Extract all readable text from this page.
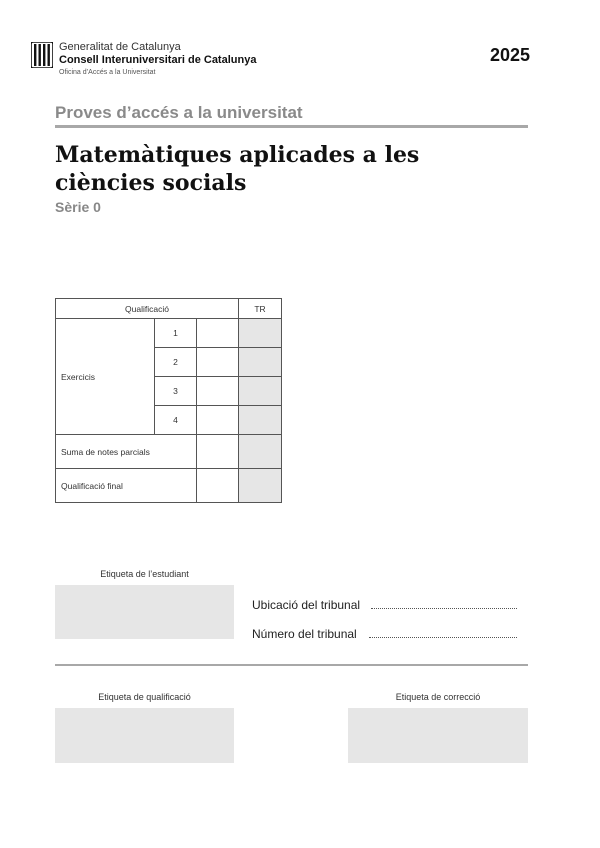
Generalitat de Catalunya
Consell Interuniversitari de Catalunya
Oficina d’Accés a la Universitat
2025
Proves d’accés a la universitat
Matemàtiques aplicades a les ciències socials
Sèrie 0
Qualificació			TR
Exercicis	1		
	2		
	3		
	4		
Suma de notes parcials			
Qualificació final			
Etiqueta de l’estudiant
Ubicació del tribunal
Número del tribunal
Etiqueta de qualificació	Etiqueta de correcció
